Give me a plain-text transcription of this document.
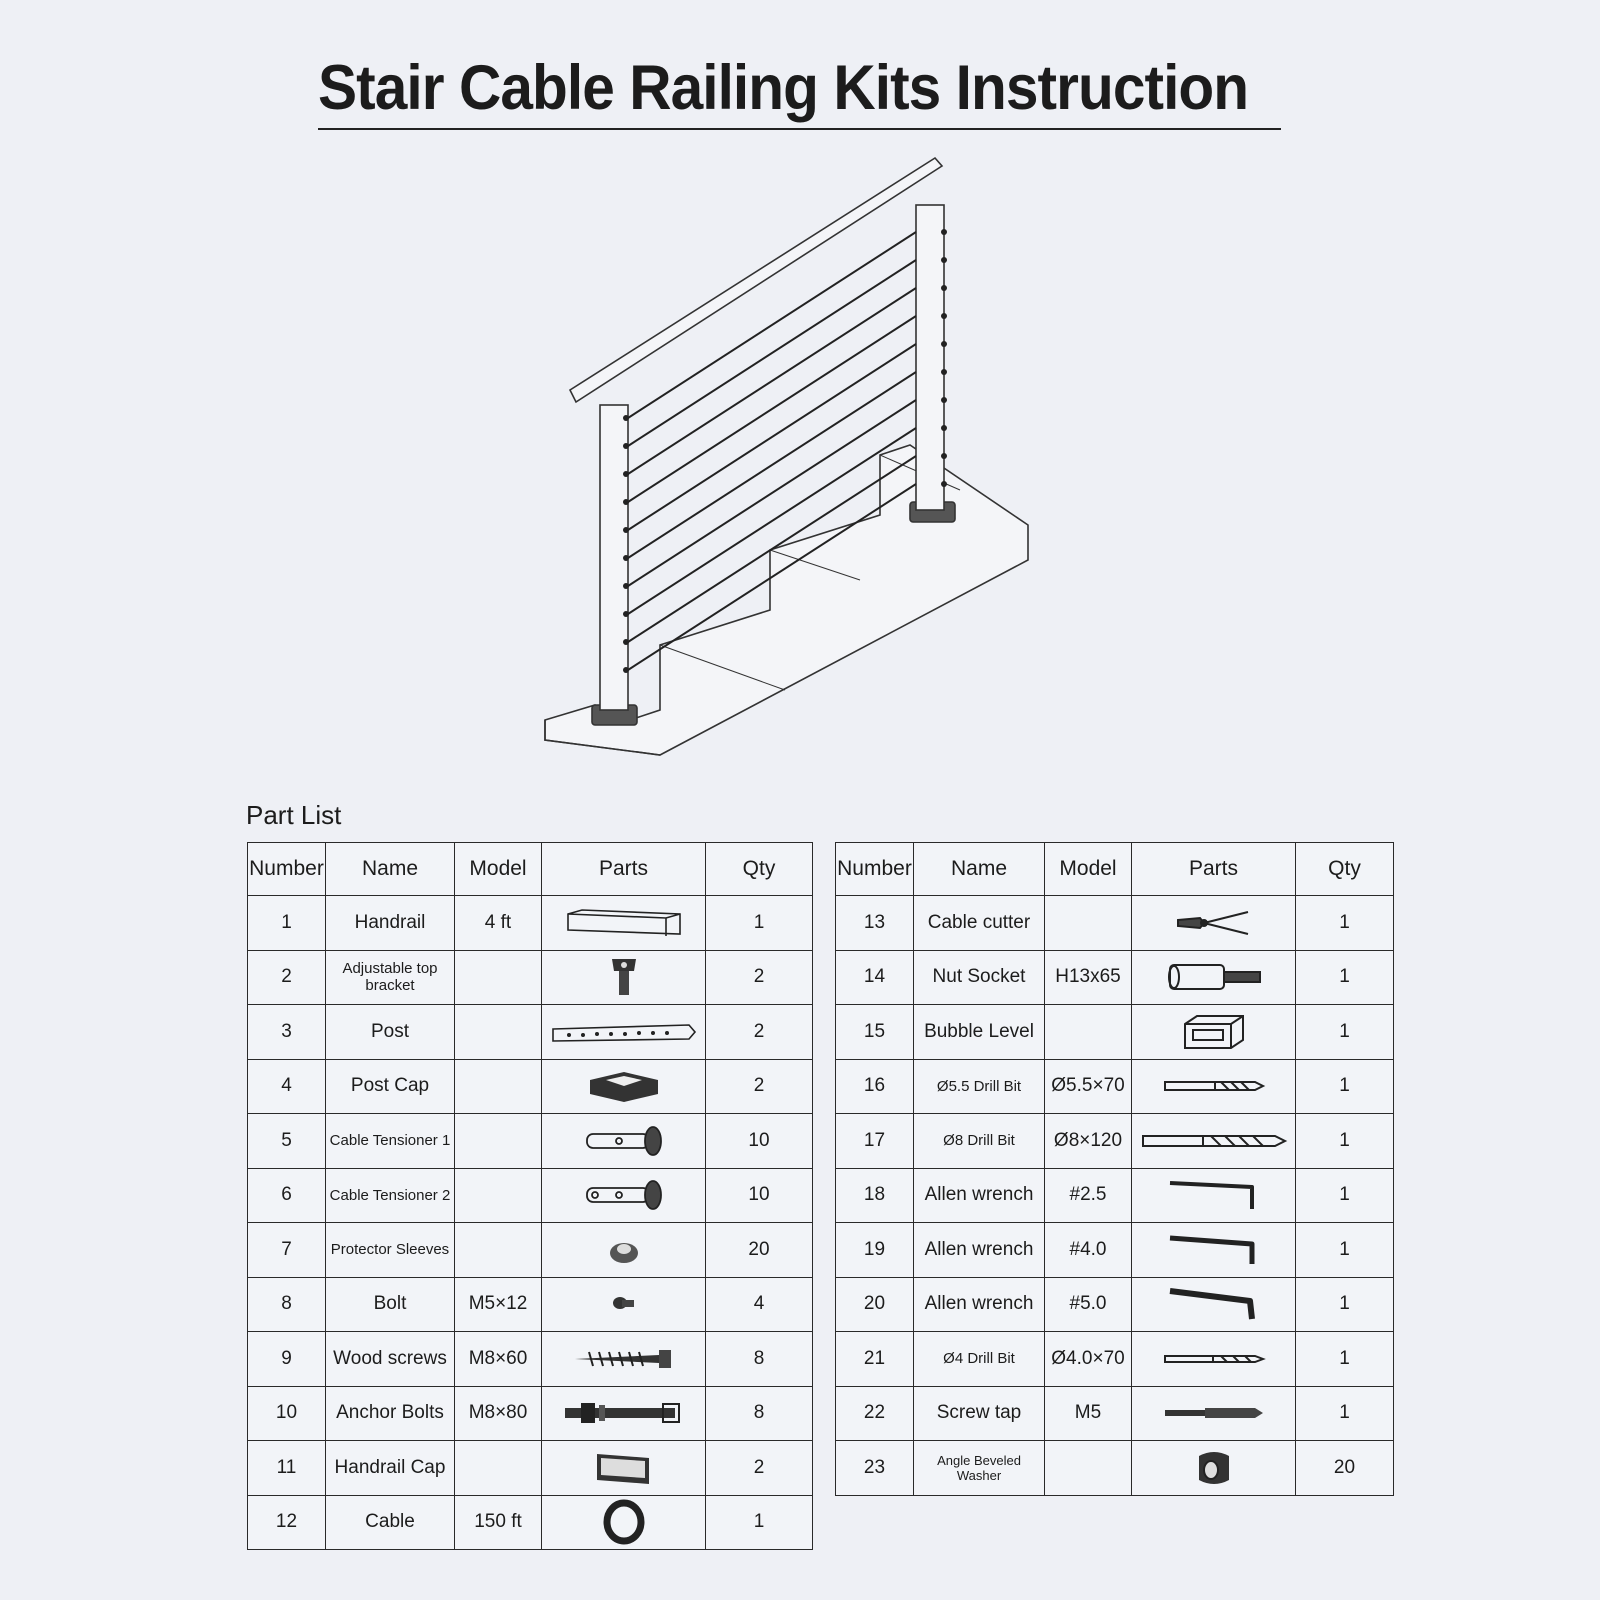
Stair Cable Railing Kits Instruction
Part List
Number	Name	Model	Parts	Qty
1	Handrail	4 ft		1
2	Adjustable top bracket			2
3	Post			2
4	Post Cap			2
5	Cable Tensioner 1			10
6	Cable Tensioner 2			10
7	Protector Sleeves			20
8	Bolt	M5×12		4
9	Wood screws	M8×60		8
10	Anchor Bolts	M8×80		8
11	Handrail Cap			2
12	Cable	150 ft		1
Number	Name	Model	Parts	Qty
13	Cable cutter			1
14	Nut Socket	H13x65		1
15	Bubble Level			1
16	Ø5.5 Drill Bit	Ø5.5×70		1
17	Ø8 Drill Bit	Ø8×120		1
18	Allen wrench	#2.5		1
19	Allen wrench	#4.0		1
20	Allen wrench	#5.0		1
21	Ø4 Drill Bit	Ø4.0×70		1
22	Screw tap	M5		1
23	Angle Beveled Washer			20
